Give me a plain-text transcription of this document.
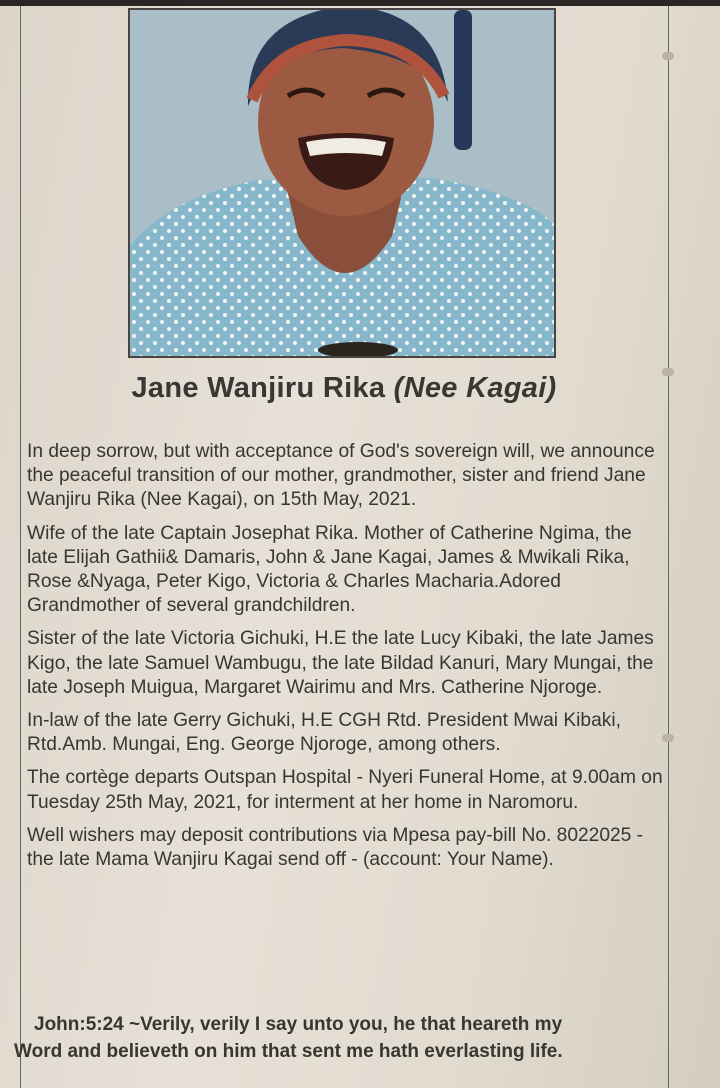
Jane Wanjiru Rika (Nee Kagai)

In deep sorrow, but with acceptance of God's sovereign will, we announce the peaceful transition of our mother, grandmother, sister and friend Jane Wanjiru Rika (Nee Kagai), on 15th May, 2021.

Wife of the late Captain Josephat Rika. Mother of Catherine Ngima, the late Elijah Gathii& Damaris, John & Jane Kagai, James & Mwikali Rika, Rose &Nyaga, Peter Kigo, Victoria & Charles Macharia.Adored Grandmother of several grandchildren.

Sister of the late Victoria Gichuki, H.E the late Lucy Kibaki, the late James Kigo, the late Samuel Wambugu, the late Bildad Kanuri, Mary Mungai, the late Joseph Muigua, Margaret Wairimu and Mrs. Catherine Njoroge.

In-law of the late Gerry Gichuki, H.E CGH Rtd. President Mwai Kibaki, Rtd.Amb. Mungai, Eng. George Njoroge, among others.

The cortège departs Outspan Hospital - Nyeri Funeral Home, at 9.00am on Tuesday 25th May, 2021, for interment at her home in Naromoru.

Well wishers may deposit contributions via Mpesa pay-bill No. 8022025 - the late Mama Wanjiru Kagai send off - (account: Your Name).

John:5:24 ~Verily, verily I say unto you, he that heareth my
Word and believeth on him that sent me hath everlasting life.
